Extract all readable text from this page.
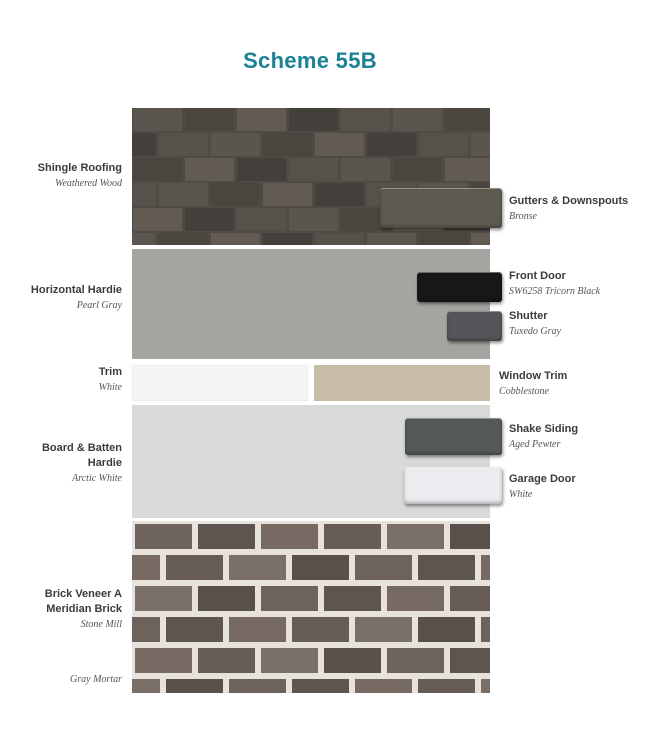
Scheme 55B
Shingle Roofing
Weathered Wood
Horizontal Hardie
Pearl Gray
Trim
White
Board & Batten
Hardie
Arctic White
Brick Veneer A
Meridian Brick
Stone Mill
Gray Mortar
Gutters & Downspouts
Bronse
Front Door
SW6258 Tricorn Black
Shutter
Tuxedo Gray
Window Trim
Cobblestone
Shake Siding
Aged Pewter
Garage Door
White
